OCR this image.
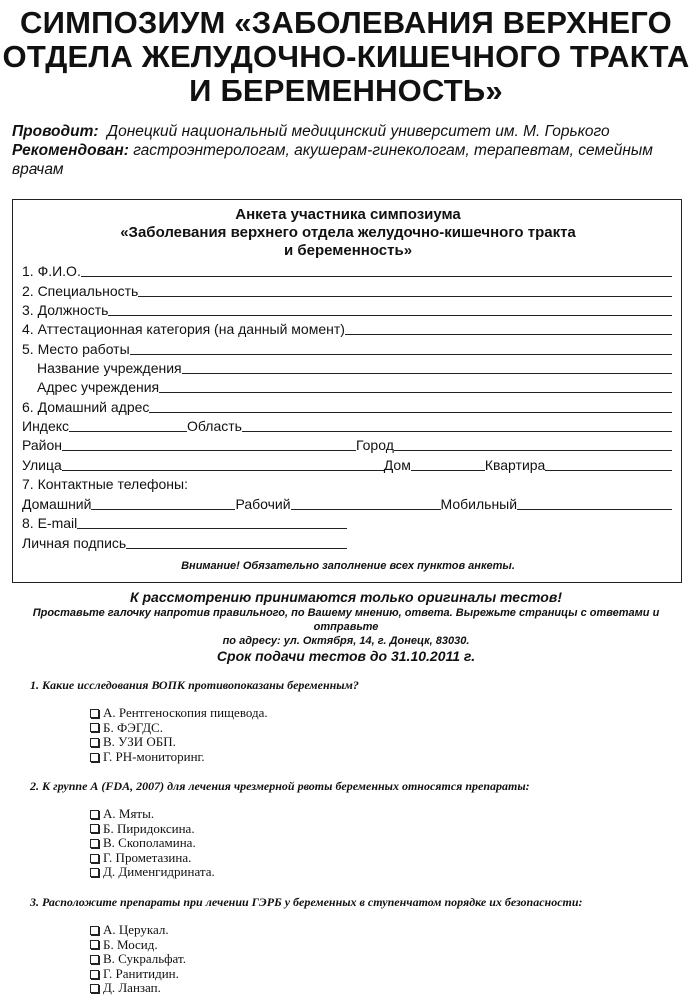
СИМПОЗИУМ «ЗАБОЛЕВАНИЯ ВЕРХНЕГО
ОТДЕЛА ЖЕЛУДОЧНО-КИШЕЧНОГО ТРАКТА
И БЕРЕМЕННОСТЬ»
Проводит: Донецкий национальный медицинский университет им. М. Горького
Рекомендован: гастроэнтерологам, акушерам-гинекологам, терапевтам, семейным
врачам
Анкета участника симпозиума
«Заболевания верхнего отдела желудочно-кишечного тракта
и беременность»
1. Ф.И.О.
2. Специальность
3. Должность
4. Аттестационная категория (на данный момент)
5. Место работы
Название учреждения
Адрес учреждения
6. Домашний адрес
Индекс	Область
Район	Город
Улица	Дом	Квартира
7. Контактные телефоны:
Домашний	Рабочий	Мобильный
8. E-mail
Личная подпись
Внимание! Обязательно заполнение всех пунктов анкеты.
К рассмотрению принимаются только оригиналы тестов!
Проставьте галочку напротив правильного, по Вашему мнению, ответа. Вырежьте страницы с ответами и отправьте
по адресу: ул. Октября, 14, г. Донецк, 83030.
Срок подачи тестов до 31.10.2011 г.
1. Какие исследования ВОПК противопоказаны беременным?
А. Рентгеноскопия пищевода.
Б. ФЭГДС.
В. УЗИ ОБП.
Г. РН-мониторинг.
2. К группе А (FDA, 2007) для лечения чрезмерной рвоты беременных относятся препараты:
А. Мяты.
Б. Пиридоксина.
В. Скополамина.
Г. Прометазина.
Д. Дименгидрината.
3. Расположите препараты при лечении ГЭРБ у беременных в ступенчатом порядке их безопасности:
А. Церукал.
Б. Мосид.
В. Сукральфат.
Г. Ранитидин.
Д. Ланзап.
